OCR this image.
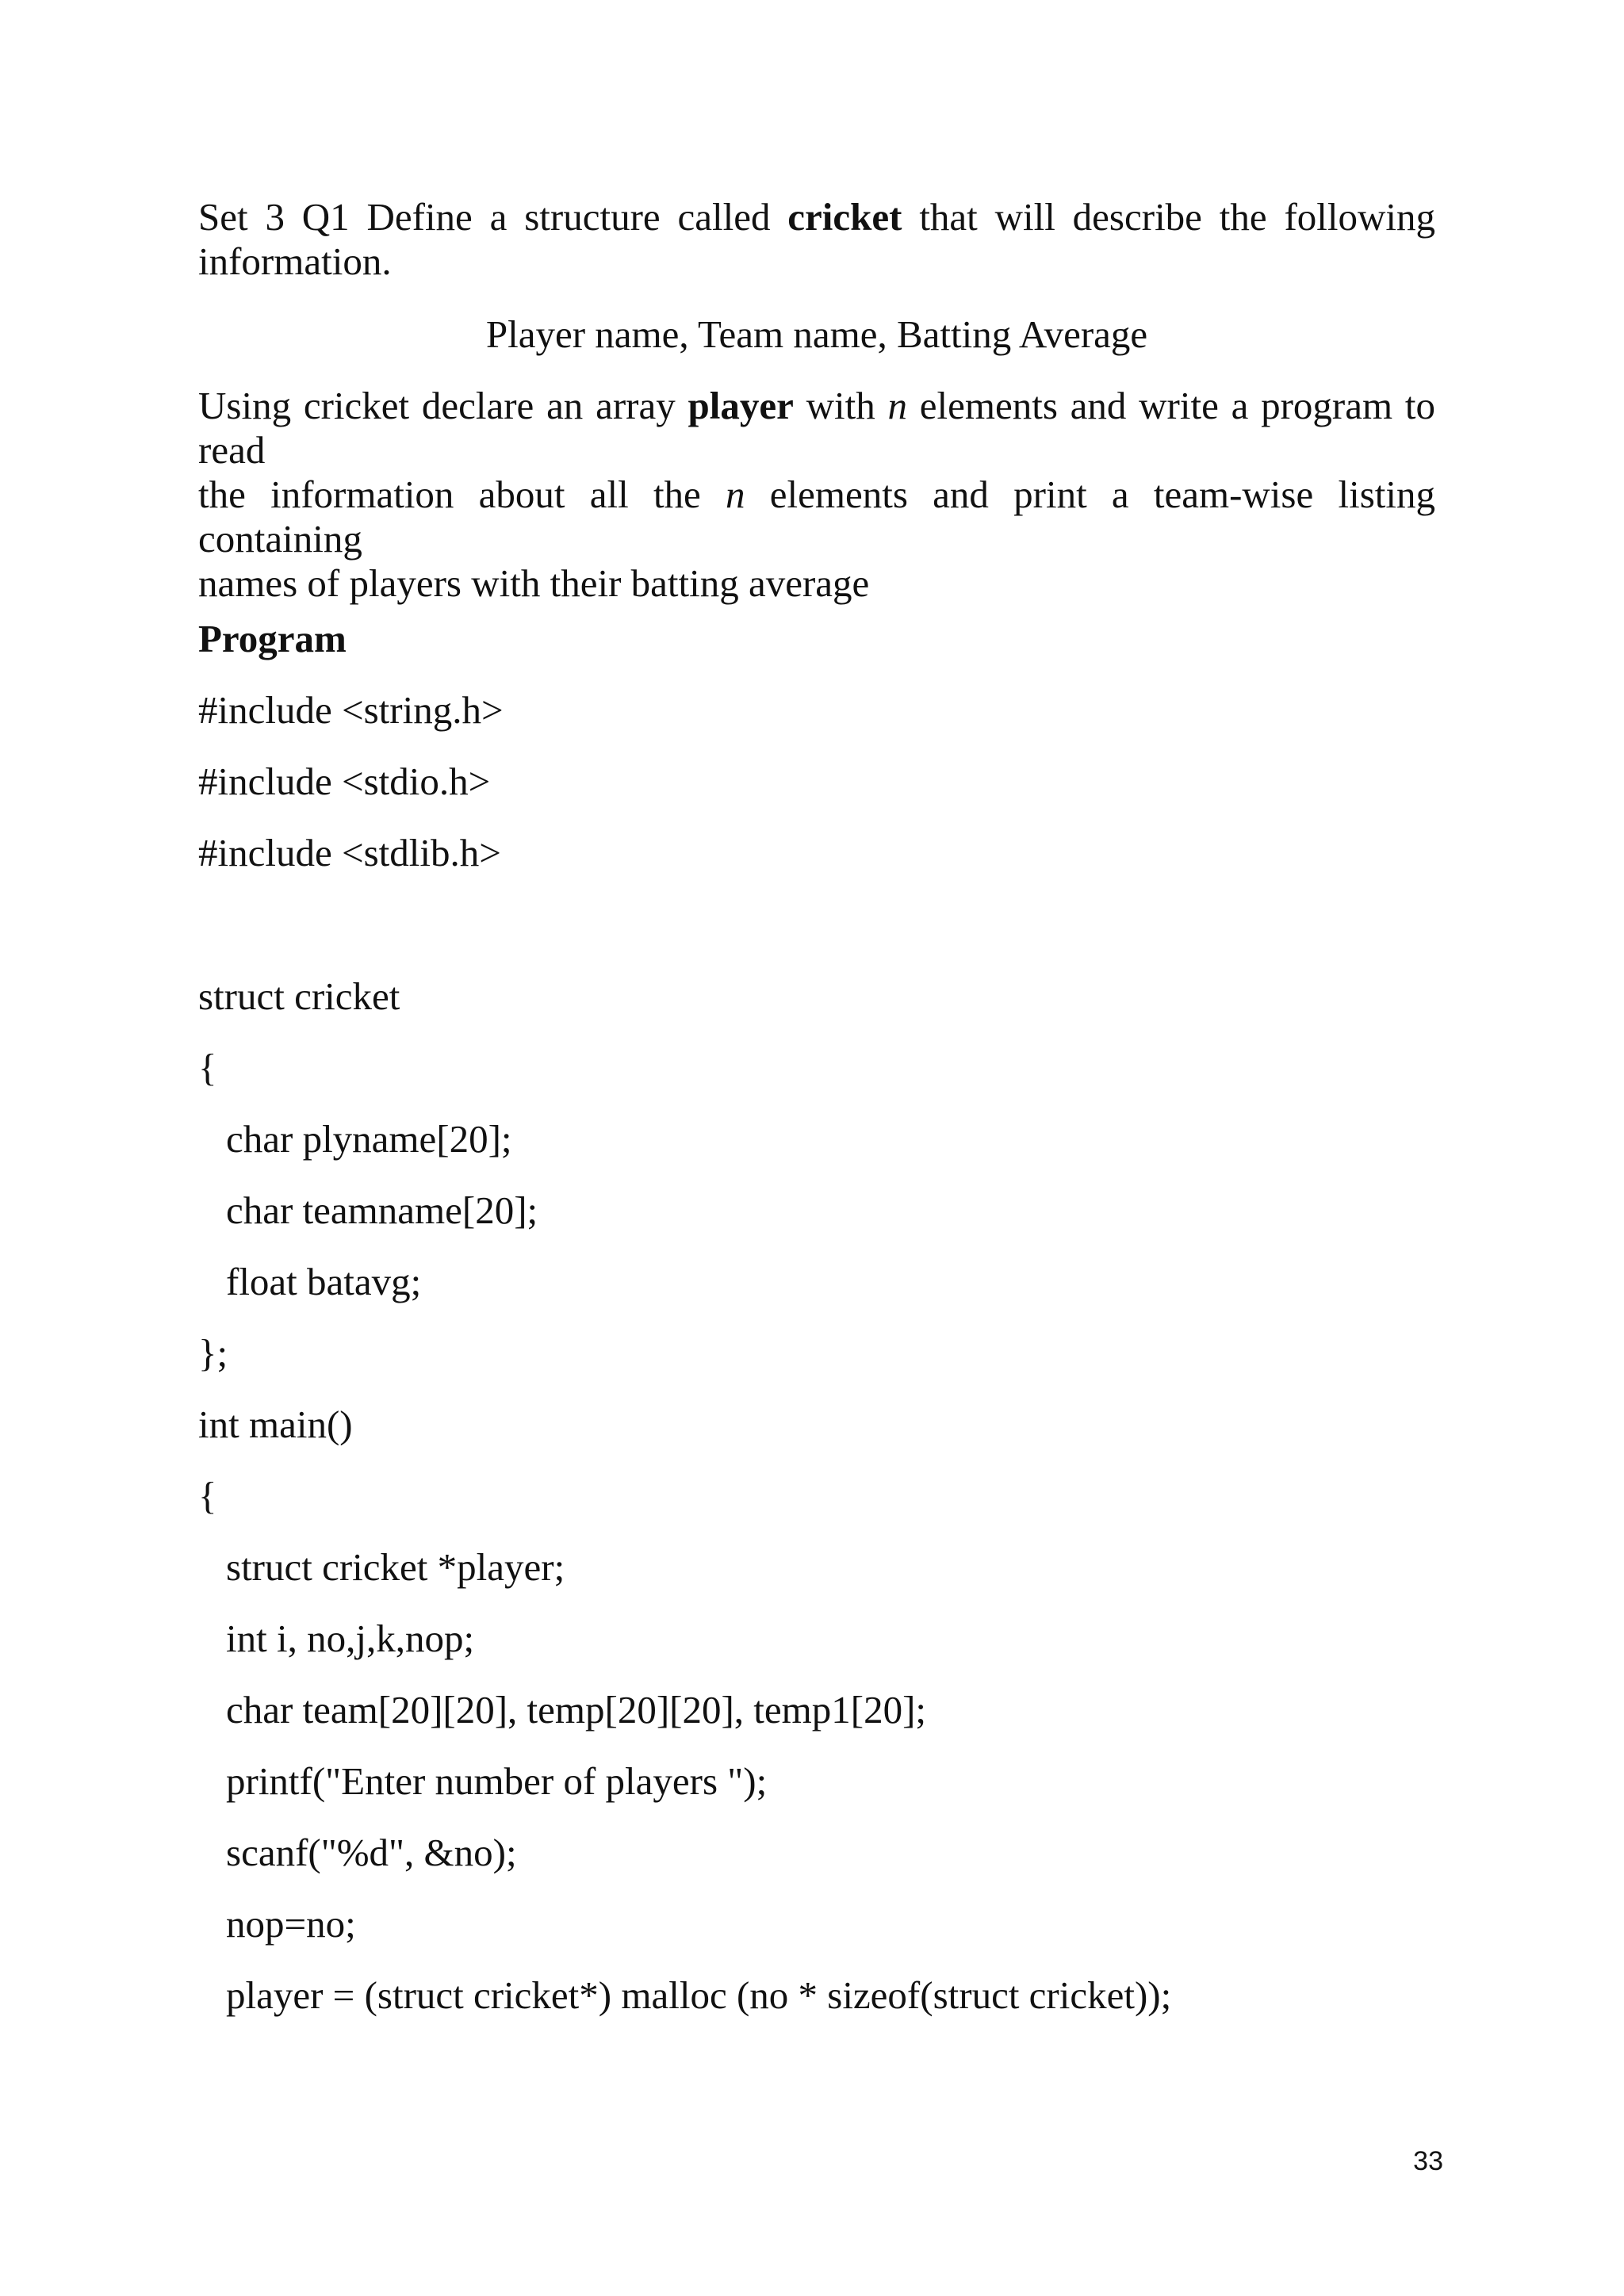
Set 3 Q1 Define a structure called cricket that will describe the following
information.

Player name, Team name, Batting Average

Using cricket declare an array player with n elements and write a program to read
the information about all the n elements and print a team-wise listing containing
names of players with their batting average

Program

#include <string.h>

#include <stdio.h>

#include <stdlib.h>

struct cricket

{

char plyname[20];

char teamname[20];

float batavg;

};

int main()

{

struct cricket *player;

int i, no,j,k,nop;

char team[20][20], temp[20][20], temp1[20];

printf("Enter number of players ");

scanf("%d", &no);

nop=no;

player = (struct cricket*) malloc (no * sizeof(struct cricket));

33
